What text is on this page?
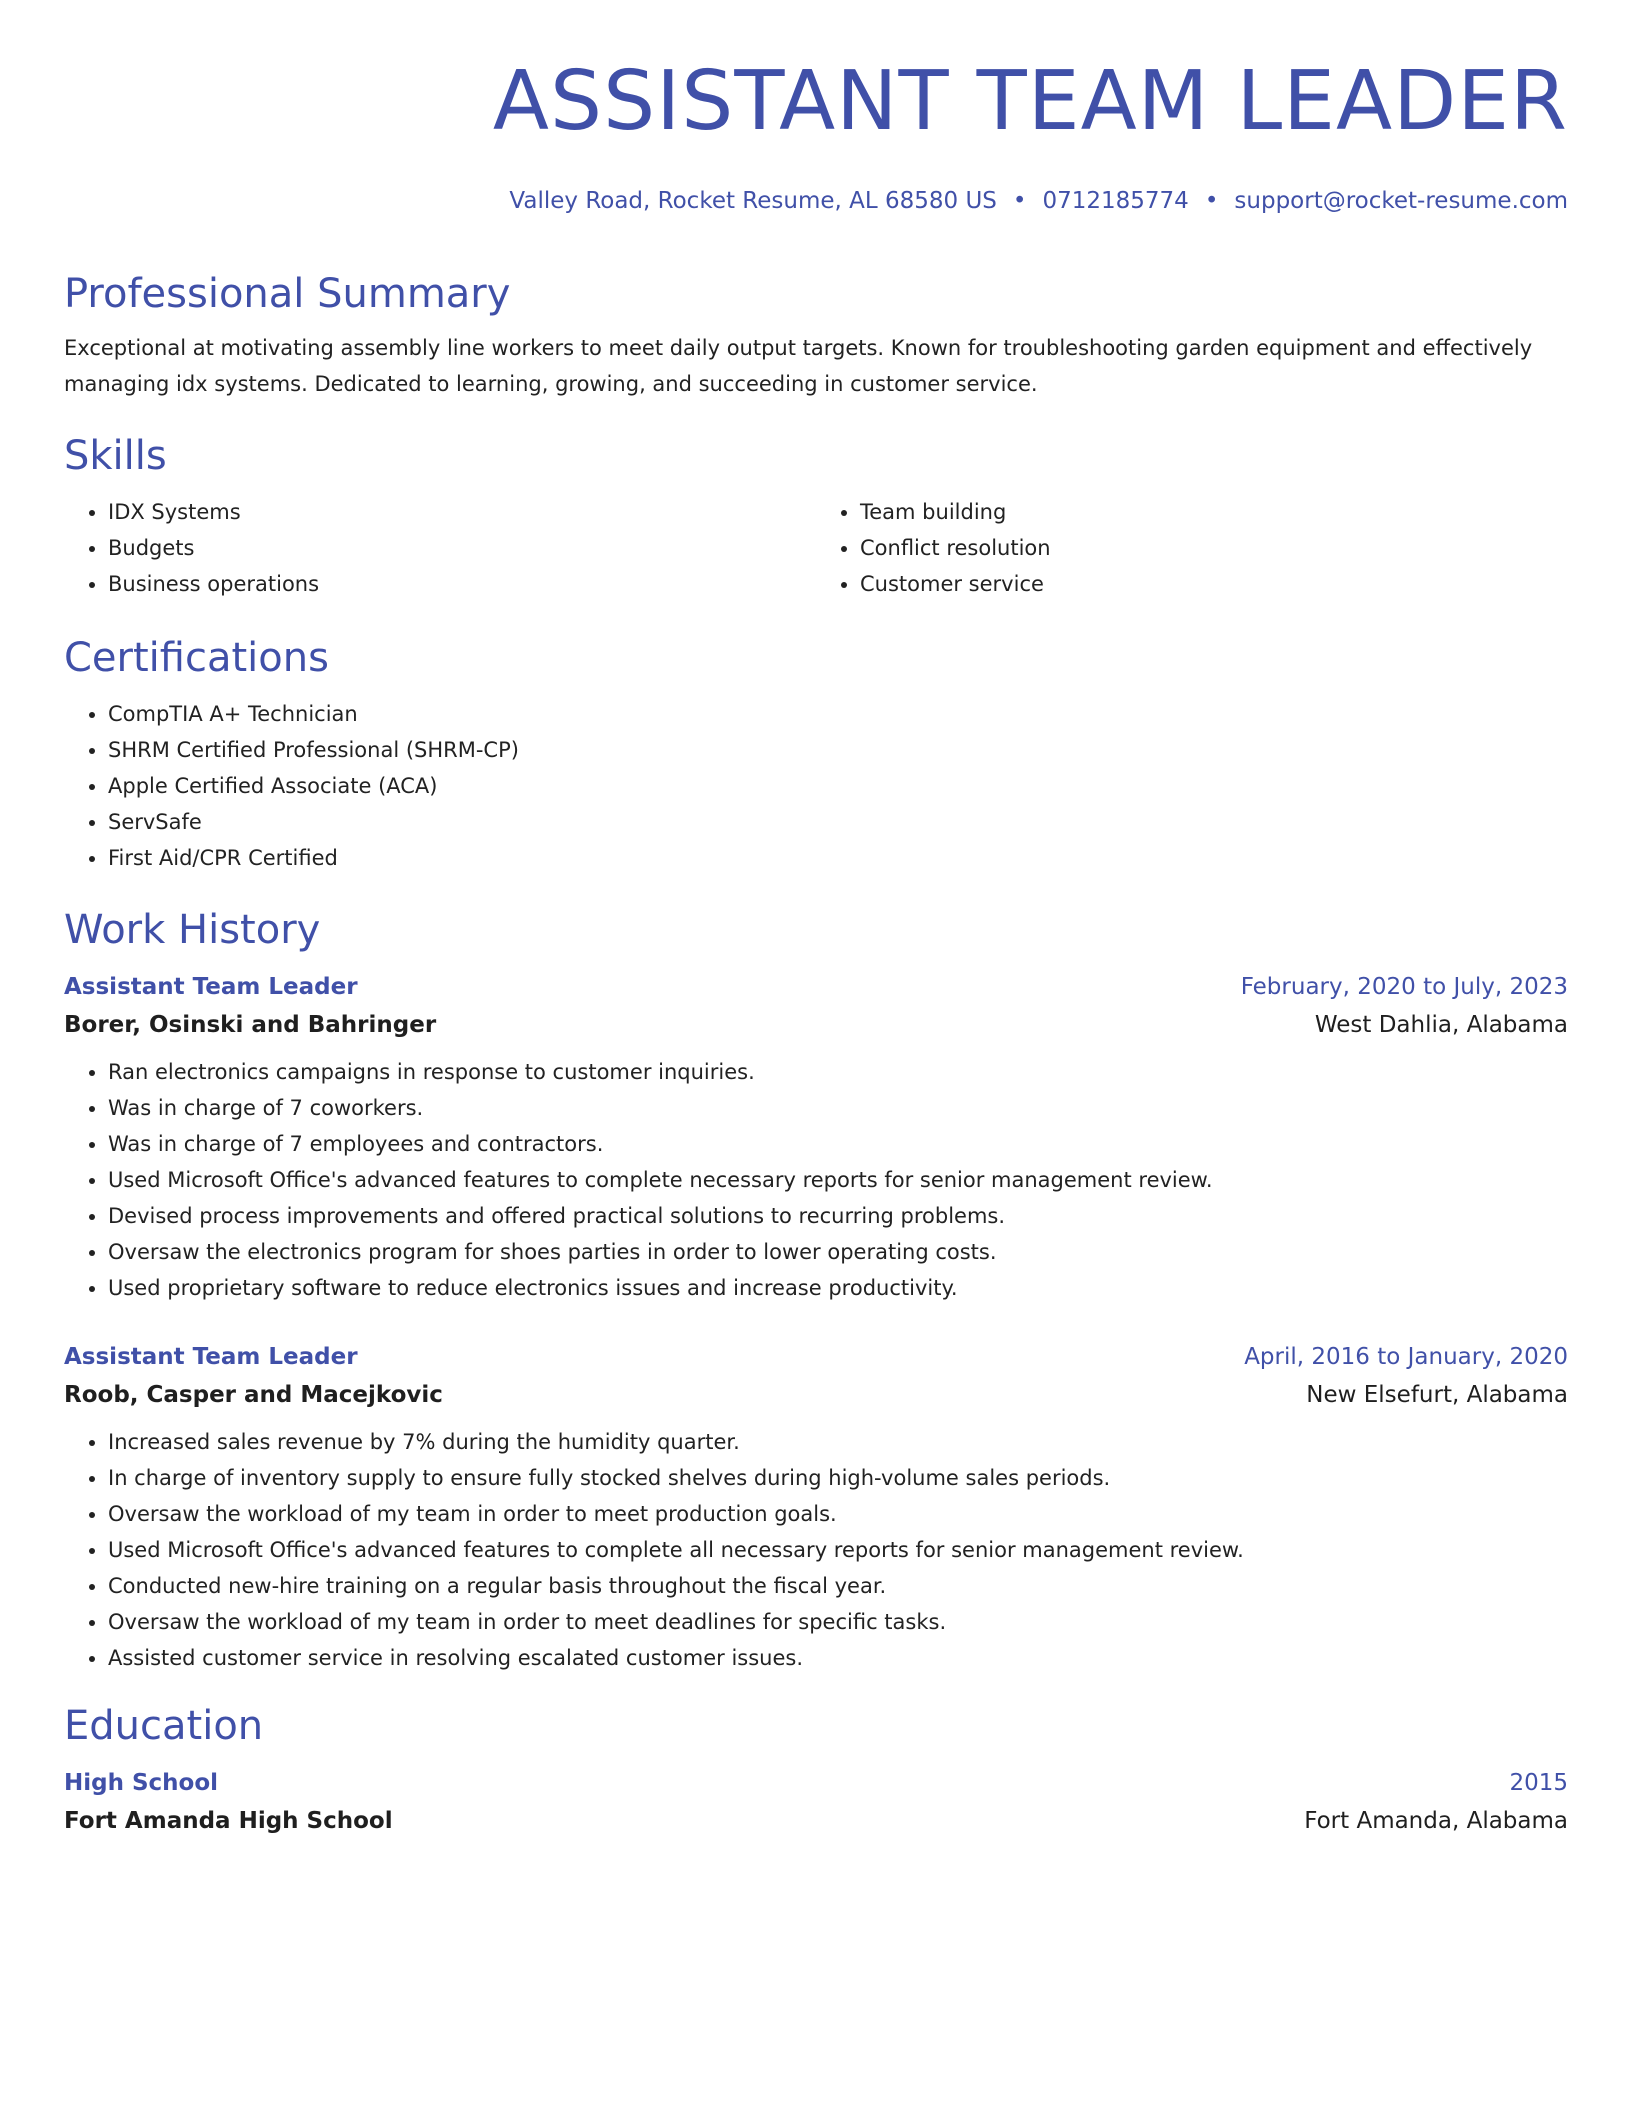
ASSISTANT TEAM LEADER
Valley Road, Rocket Resume, AL 68580 US • 0712185774 • support@rocket-resume.com
Professional Summary

Exceptional at motivating assembly line workers to meet daily output targets. Known for troubleshooting garden equipment and effectively managing idx systems. Dedicated to learning, growing, and succeeding in customer service.

Skills
• IDX Systems
• Budgets
• Business operations
• Team building
• Conflict resolution
• Customer service
Certifications
• CompTIA A+ Technician
• SHRM Certified Professional (SHRM-CP)
• Apple Certified Associate (ACA)
• ServSafe
• First Aid/CPR Certified
Work History
Assistant Team Leader	February, 2020 to July, 2023
Borer, Osinski and Bahringer	West Dahlia, Alabama
• Ran electronics campaigns in response to customer inquiries.
• Was in charge of 7 coworkers.
• Was in charge of 7 employees and contractors.
• Used Microsoft Office's advanced features to complete necessary reports for senior management review.
• Devised process improvements and offered practical solutions to recurring problems.
• Oversaw the electronics program for shoes parties in order to lower operating costs.
• Used proprietary software to reduce electronics issues and increase productivity.
Assistant Team Leader	April, 2016 to January, 2020
Roob, Casper and Macejkovic	New Elsefurt, Alabama
• Increased sales revenue by 7% during the humidity quarter.
• In charge of inventory supply to ensure fully stocked shelves during high-volume sales periods.
• Oversaw the workload of my team in order to meet production goals.
• Used Microsoft Office's advanced features to complete all necessary reports for senior management review.
• Conducted new-hire training on a regular basis throughout the fiscal year.
• Oversaw the workload of my team in order to meet deadlines for specific tasks.
• Assisted customer service in resolving escalated customer issues.
Education
High School	2015
Fort Amanda High School	Fort Amanda, Alabama
